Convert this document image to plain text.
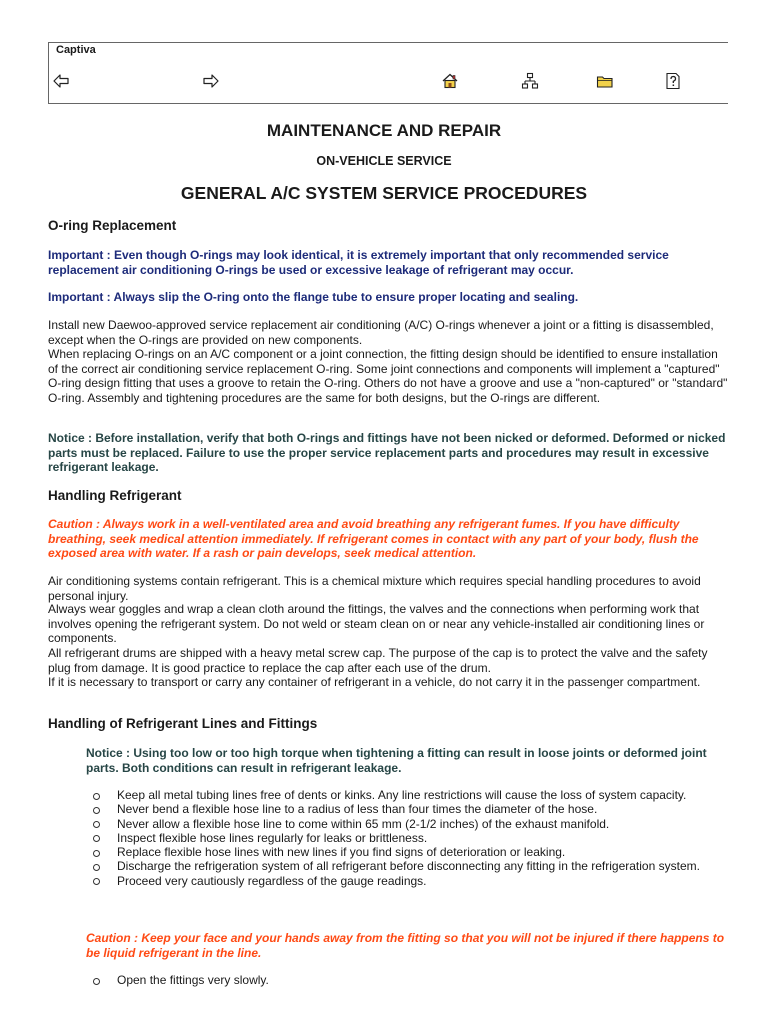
Captiva
MAINTENANCE AND REPAIR
ON-VEHICLE SERVICE
GENERAL A/C SYSTEM SERVICE PROCEDURES
O-ring Replacement

Important : Even though O-rings may look identical, it is extremely important that only recommended service replacement air conditioning O-rings be used or excessive leakage of refrigerant may occur.

Important : Always slip the O-ring onto the flange tube to ensure proper locating and sealing.

Install new Daewoo-approved service replacement air conditioning (A/C) O-rings whenever a joint or a fitting is disassembled, except when the O-rings are provided on new components.

When replacing O-rings on an A/C component or a joint connection, the fitting design should be identified to ensure installation of the correct air conditioning service replacement O-ring. Some joint connections and components will implement a "captured" O-ring design fitting that uses a groove to retain the O-ring. Others do not have a groove and use a "non-captured" or "standard" O-ring. Assembly and tightening procedures are the same for both designs, but the O-rings are different.

Notice : Before installation, verify that both O-rings and fittings have not been nicked or deformed. Deformed or nicked parts must be replaced. Failure to use the proper service replacement parts and procedures may result in excessive refrigerant leakage.

Handling Refrigerant

Caution : Always work in a well-ventilated area and avoid breathing any refrigerant fumes. If you have difficulty breathing, seek medical attention immediately. If refrigerant comes in contact with any part of your body, flush the exposed area with water. If a rash or pain develops, seek medical attention.

Air conditioning systems contain refrigerant. This is a chemical mixture which requires special handling procedures to avoid personal injury.

Always wear goggles and wrap a clean cloth around the fittings, the valves and the connections when performing work that involves opening the refrigerant system. Do not weld or steam clean on or near any vehicle-installed air conditioning lines or components.

All refrigerant drums are shipped with a heavy metal screw cap. The purpose of the cap is to protect the valve and the safety plug from damage. It is good practice to replace the cap after each use of the drum.

If it is necessary to transport or carry any container of refrigerant in a vehicle, do not carry it in the passenger compartment.

Handling of Refrigerant Lines and Fittings

Notice : Using too low or too high torque when tightening a fitting can result in loose joints or deformed joint parts. Both conditions can result in refrigerant leakage.

Keep all metal tubing lines free of dents or kinks. Any line restrictions will cause the loss of system capacity.
Never bend a flexible hose line to a radius of less than four times the diameter of the hose.
Never allow a flexible hose line to come within 65 mm (2-1/2 inches) of the exhaust manifold.
Inspect flexible hose lines regularly for leaks or brittleness.
Replace flexible hose lines with new lines if you find signs of deterioration or leaking.
Discharge the refrigeration system of all refrigerant before disconnecting any fitting in the refrigeration system.
Proceed very cautiously regardless of the gauge readings.

Caution : Keep your face and your hands away from the fitting so that you will not be injured if there happens to be liquid refrigerant in the line.

Open the fittings very slowly.
